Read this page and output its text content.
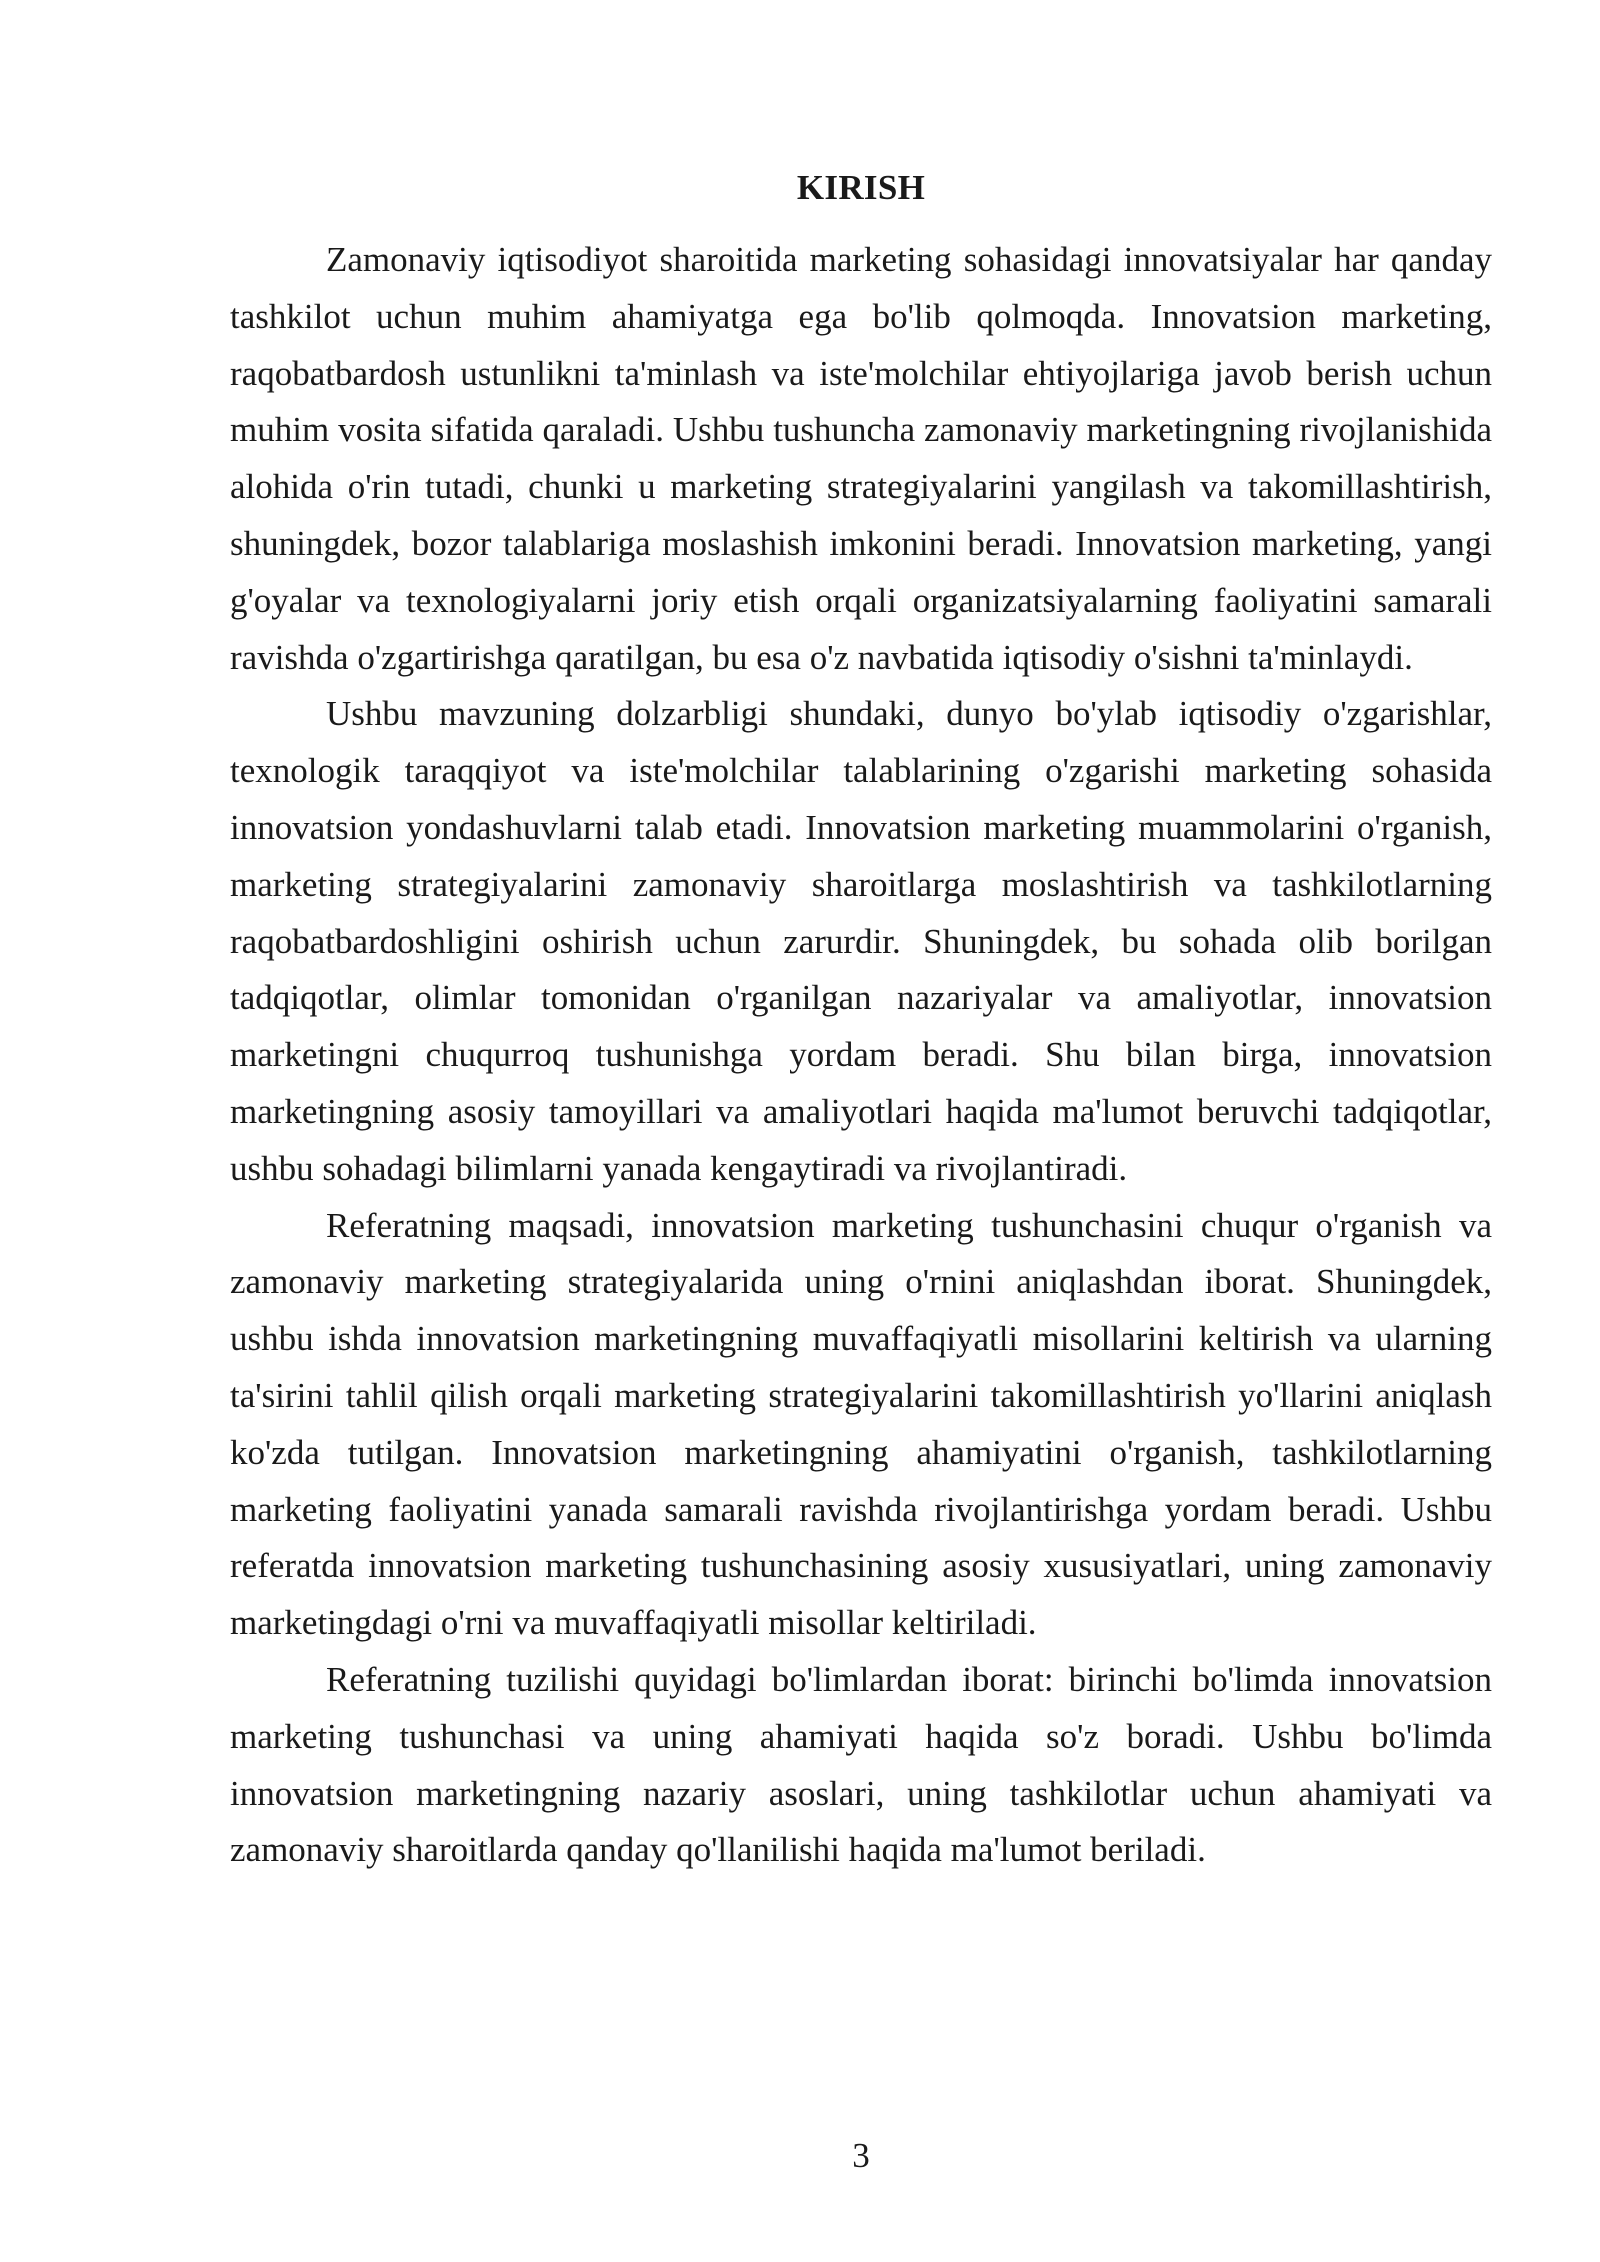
KIRISH

Zamonaviy iqtisodiyot sharoitida marketing sohasidagi innovatsiyalar har qanday tashkilot uchun muhim ahamiyatga ega bo'lib qolmoqda. Innovatsion marketing, raqobatbardosh ustunlikni ta'minlash va iste'molchilar ehtiyojlariga javob berish uchun muhim vosita sifatida qaraladi. Ushbu tushuncha zamonaviy marketingning rivojlanishida alohida o'rin tutadi, chunki u marketing strategiyalarini yangilash va takomillashtirish, shuningdek, bozor talablariga moslashish imkonini beradi. Innovatsion marketing, yangi g'oyalar va texnologiyalarni joriy etish orqali organizatsiyalarning faoliyatini samarali ravishda o'zgartirishga qaratilgan, bu esa o'z navbatida iqtisodiy o'sishni ta'minlaydi.

Ushbu mavzuning dolzarbligi shundaki, dunyo bo'ylab iqtisodiy o'zgarishlar, texnologik taraqqiyot va iste'molchilar talablarining o'zgarishi marketing sohasida innovatsion yondashuvlarni talab etadi. Innovatsion marketing muammolarini o'rganish, marketing strategiyalarini zamonaviy sharoitlarga moslashtirish va tashkilotlarning raqobatbardoshligini oshirish uchun zarurdir. Shuningdek, bu sohada olib borilgan tadqiqotlar, olimlar tomonidan o'rganilgan nazariyalar va amaliyotlar, innovatsion marketingni chuqurroq tushunishga yordam beradi. Shu bilan birga, innovatsion marketingning asosiy tamoyillari va amaliyotlari haqida ma'lumot beruvchi tadqiqotlar, ushbu sohadagi bilimlarni yanada kengaytiradi va rivojlantiradi.

Referatning maqsadi, innovatsion marketing tushunchasini chuqur o'rganish va zamonaviy marketing strategiyalarida uning o'rnini aniqlashdan iborat. Shuningdek, ushbu ishda innovatsion marketingning muvaffaqiyatli misollarini keltirish va ularning ta'sirini tahlil qilish orqali marketing strategiyalarini takomillashtirish yo'llarini aniqlash ko'zda tutilgan. Innovatsion marketingning ahamiyatini o'rganish, tashkilotlarning marketing faoliyatini yanada samarali ravishda rivojlantirishga yordam beradi. Ushbu referatda innovatsion marketing tushunchasining asosiy xususiyatlari, uning zamonaviy marketingdagi o'rni va muvaffaqiyatli misollar keltiriladi.

Referatning tuzilishi quyidagi bo'limlardan iborat: birinchi bo'limda innovatsion marketing tushunchasi va uning ahamiyati haqida so'z boradi. Ushbu bo'limda innovatsion marketingning nazariy asoslari, uning tashkilotlar uchun ahamiyati va zamonaviy sharoitlarda qanday qo'llanilishi haqida ma'lumot beriladi.

3
